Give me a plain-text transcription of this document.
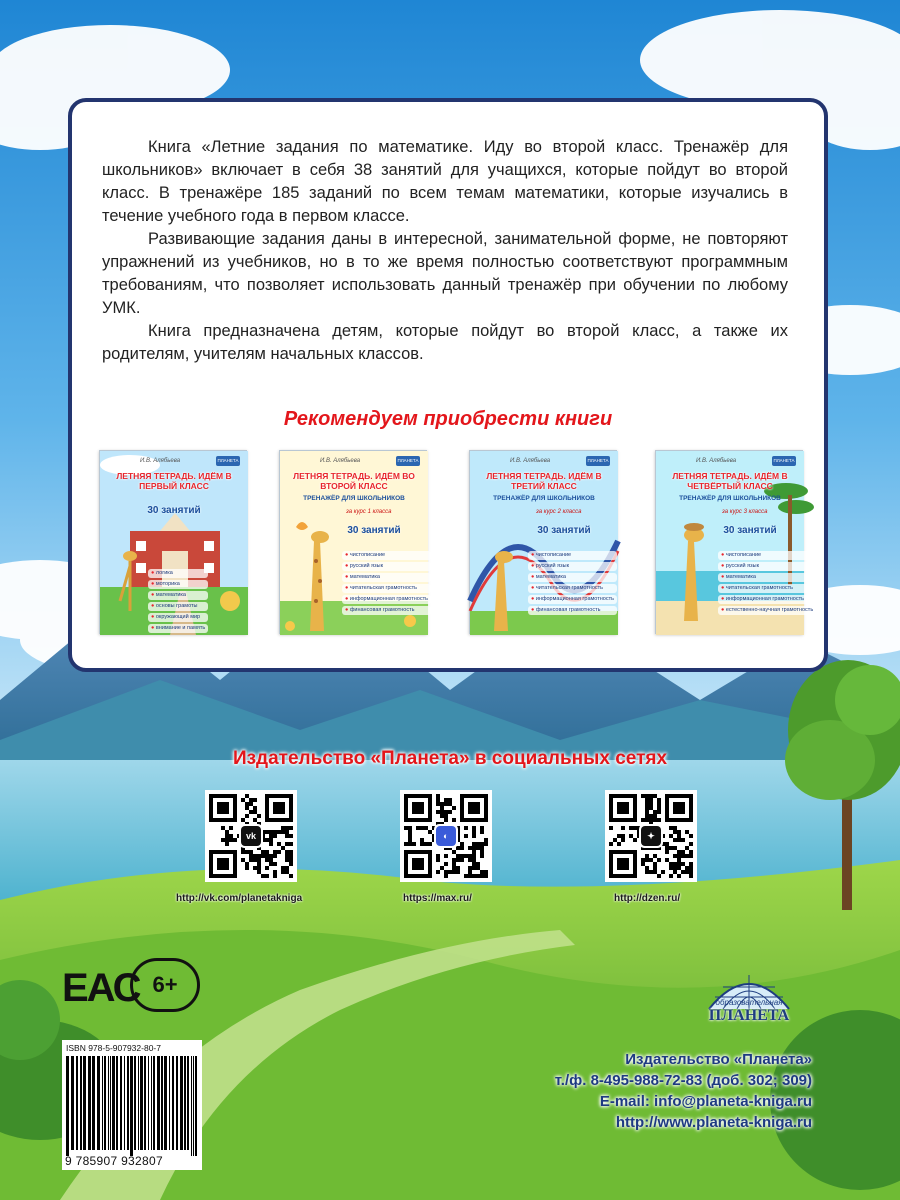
Книга «Летние задания по математике. Иду во второй класс. Тренажёр для школьников» включает в себя 38 занятий для учащихся, которые пойдут во второй класс. В тренажёре 185 заданий по всем темам математики, которые изучались в течение учебного года в первом классе.

Развивающие задания даны в интересной, занимательной форме, не повторяют упражнений из учебников, но в то же время полностью соответствуют программным требованиям, что позволяет использовать данный тренажёр при обучении по любому УМК.

Книга предназначена детям, которые пойдут во второй класс, а также их родителям, учителям начальных классов.

Рекомендуем приобрести книги
ПЛАНЕТА
И.В. Алябьева
ЛЕТНЯЯ ТЕТРАДЬ. ИДЁМ В ПЕРВЫЙ КЛАСС
30 занятий
● логика
● моторика
● математика
● основы грамоты
● окружающий мир
● внимание и память
ПЛАНЕТА
И.В. Алябьева
ЛЕТНЯЯ ТЕТРАДЬ. ИДЁМ ВО ВТОРОЙ КЛАСС
ТРЕНАЖЁР ДЛЯ ШКОЛЬНИКОВ
за курс 1 класса
30 занятий
● чистописание
● русский язык
● математика
● читательская грамотность
● информационная грамотность
● финансовая грамотность
ПЛАНЕТА
И.В. Алябьева
ЛЕТНЯЯ ТЕТРАДЬ. ИДЁМ В ТРЕТИЙ КЛАСС
ТРЕНАЖЁР ДЛЯ ШКОЛЬНИКОВ
за курс 2 класса
30 занятий
● чистописание
● русский язык
● математика
● читательская грамотность
● информационная грамотность
● финансовая грамотность
ПЛАНЕТА
И.В. Алябьева
ЛЕТНЯЯ ТЕТРАДЬ. ИДЁМ В ЧЕТВЁРТЫЙ КЛАСС
ТРЕНАЖЁР ДЛЯ ШКОЛЬНИКОВ
за курс 3 класса
30 занятий
● чистописание
● русский язык
● математика
● читательская грамотность
● информационная грамотность
● естественно-научная грамотность
Издательство «Планета» в социальных сетях
vk	◐	✦
http://vk.com/planetakniga	https://max.ru/	http://dzen.ru/
ЕАС 6+
ISBN 978-5-907932-80-7
9 785907 932807
образовательная
ПЛАНЕТА
Издательство «Планета»
т./ф. 8-495-988-72-83 (доб. 302; 309)
E-mail: info@planeta-kniga.ru
http://www.planeta-kniga.ru
